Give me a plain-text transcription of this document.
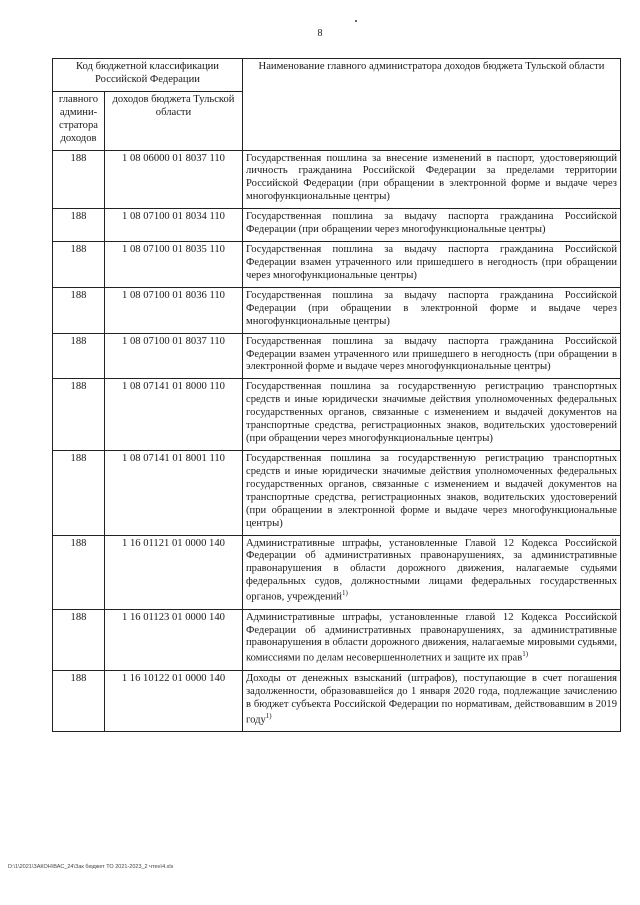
8
Код бюджетной классификации Российской Федерации		Наименование главного администратора доходов бюджета Тульской области
главного админи-стратора доходов	доходов бюджета Тульской области	
188	1 08 06000 01 8037 110	Государственная пошлина за внесение изменений в паспорт, удостоверяющий личность гражданина Российской Федерации за пределами территории Российской Федерации (при обращении в электронной форме и выдаче через многофункциональные центры)
188	1 08 07100 01 8034 110	Государственная пошлина за выдачу паспорта гражданина Российской Федерации (при обращении через многофункциональные центры)
188	1 08 07100 01 8035 110	Государственная пошлина за выдачу паспорта гражданина Российской Федерации взамен утраченного или пришедшего в негодность (при обращении через многофункциональные центры)
188	1 08 07100 01 8036 110	Государственная пошлина за выдачу паспорта гражданина Российской Федерации (при обращении в электронной форме и выдаче через многофункциональные центры)
188	1 08 07100 01 8037 110	Государственная пошлина за выдачу паспорта гражданина Российской Федерации взамен утраченного или пришедшего в негодность (при обращении в электронной форме и выдаче через многофункциональные центры)
188	1 08 07141 01 8000 110	Государственная пошлина за государственную регистрацию транспортных средств и иные юридически значимые действия уполномоченных федеральных государственных органов, связанные с изменением и выдачей документов на транспортные средства, регистрационных знаков, водительских удостоверений (при обращении через многофункциональные центры)
188	1 08 07141 01 8001 110	Государственная пошлина за государственную регистрацию транспортных средств и иные юридически значимые действия уполномоченных федеральных государственных органов, связанные с изменением и выдачей документов на транспортные средства, регистрационных знаков, водительских удостоверений (при обращении в электронной форме и выдаче через многофункциональные центры)
188	1 16 01121 01 0000 140	Административные штрафы, установленные Главой 12 Кодекса Российской Федерации об административных правонарушениях, за административные правонарушения в области дорожного движения, налагаемые судьями федеральных судов, должностными лицами федеральных государственных органов, учреждений$^{1)}$
188	1 16 01123 01 0000 140	Административные штрафы, установленные главой 12 Кодекса Российской Федерации об административных правонарушениях, за административные правонарушения в области дорожного движения, налагаемые мировыми судьями, комиссиями по делам несовершеннолетних и защите их прав$^{1)}$
188	1 16 10122 01 0000 140	Доходы от денежных взысканий (штрафов), поступающие в счет погашения задолженности, образовавшейся до 1 января 2020 года, подлежащие зачислению в бюджет субъекта Российской Федерации по нормативам, действовавшим в 2019 году$^{1)}$
D:\1\2021\ЗАКОН\ВАС_24\Зак бюджет ТО 2021-2023_2 чтен\4.xls
